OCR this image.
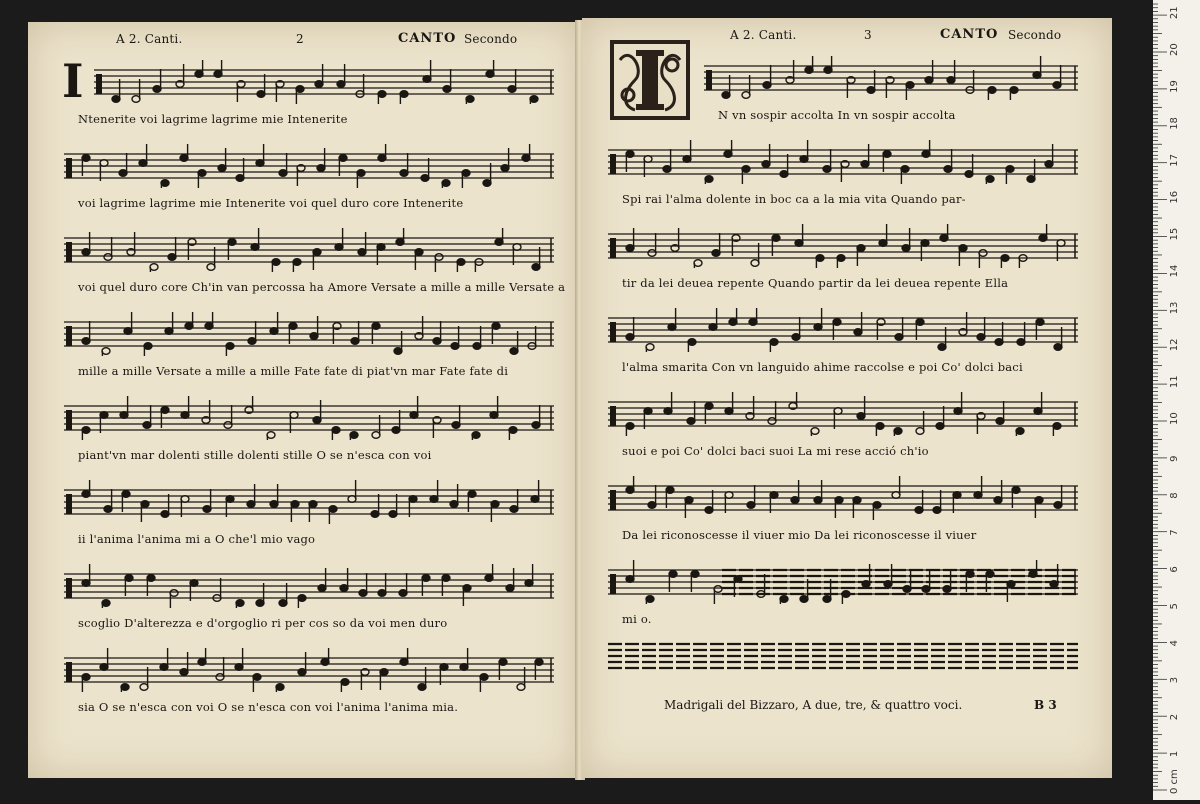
A 2. Canti.	2	CANTO Secondo
I
Ntenerite voi lagrime lagrime mie Intenerite
voi lagrime lagrime mie Intenerite voi quel duro core Intenerite
voi quel duro core Ch'in van percossa ha Amore Versate a mille a mille Versate a
mille a mille Versate a mille a mille Fate fate di piat'vn mar Fate fate di
piant'vn mar dolenti stille dolenti stille O se n'esca con voi
ii l'anima l'anima mi a O che'l mio vago
scoglio D'alterezza e d'orgoglio ri per cos so da voi men duro
sia O se n'esca con voi O se n'esca con voi l'anima l'anima mia.
A 2. Canti.	3	CANTO Secondo
N vn sospir accolta In vn sospir accolta
Spi rai l'alma dolente in boc ca a la mia vita Quando par-
tir da lei deuea repente Quando partir da lei deuea repente Ella
l'alma smarita Con vn languido ahime raccolse e poi Co' dolci baci
suoi e poi Co' dolci baci suoi La mi rese acció ch'io
Da lei riconoscesse il viuer mio Da lei riconoscesse il viuer
mi o.
Madrigali del Bizzaro, A due, tre, & quattro voci.	B 3
0 cm
1
2
3
4
5
6
7
8
9
10
11
12
13
14
15
16
17
18
19
20
21
